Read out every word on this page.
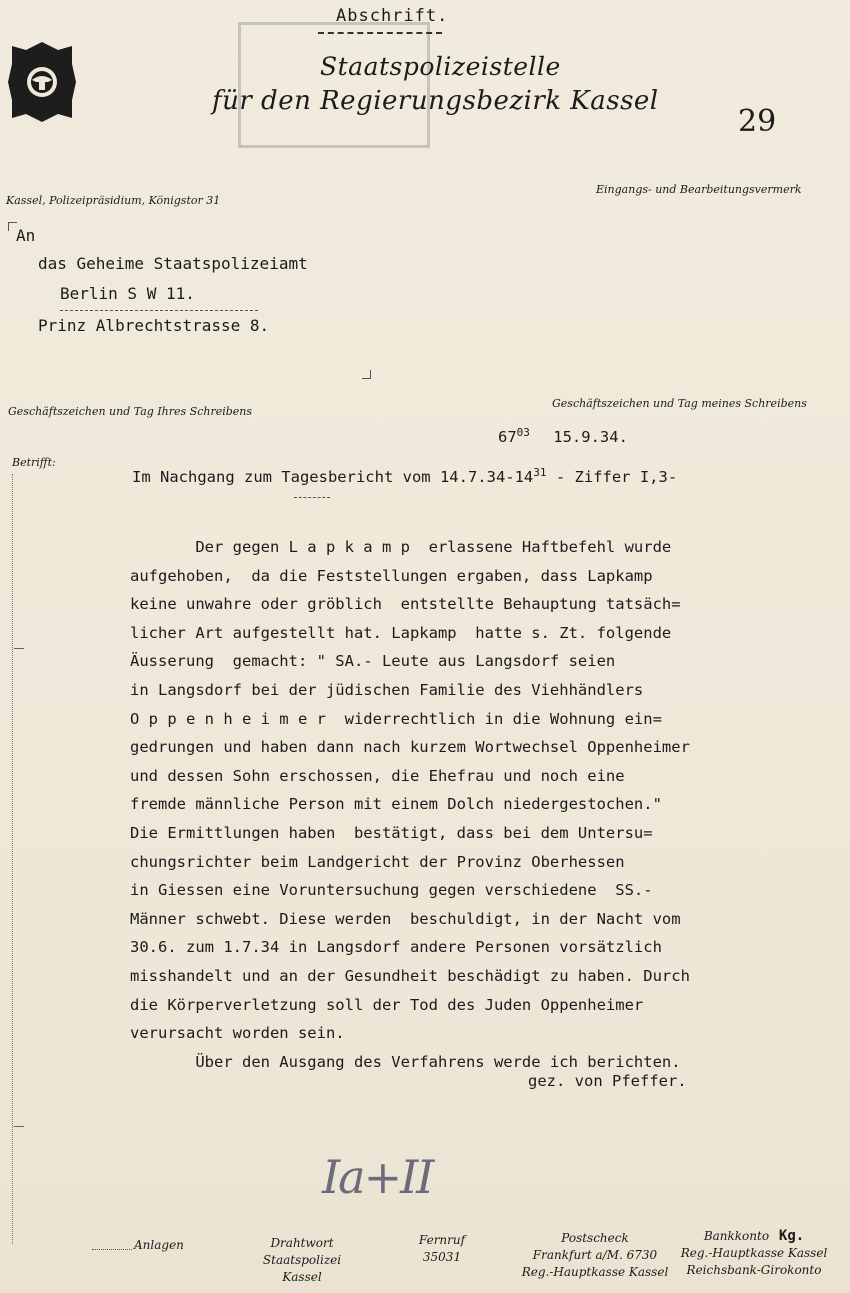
Abschrift.
Staatspolizeistelle
für den Regierungsbezirk Kassel
29
Kassel, Polizeipräsidium, Königstor 31
Eingangs- und Bearbeitungsvermerk
An
das Geheime Staatspolizeiamt
Berlin S W 11.
Prinz Albrechtstrasse 8.
Geschäftszeichen und Tag Ihres Schreibens
Geschäftszeichen und Tag meines Schreibens
$67^{03}$ 15.9.34.
Betrifft:
Im Nachgang zum Tagesbericht vom $14.7.34-14^{31}$ - Ziffer I,3-
Der gegen L a p k a m p  erlassene Haftbefehl wurde
aufgehoben,  da die Feststellungen ergaben, dass Lapkamp
keine unwahre oder gröblich  entstellte Behauptung tatsäch=
licher Art aufgestellt hat. Lapkamp  hatte s. Zt. folgende
Äusserung  gemacht: " SA.- Leute aus Langsdorf seien
in Langsdorf bei der jüdischen Familie des Viehhändlers
O p p e n h e i m e r  widerrechtlich in die Wohnung ein=
gedrungen und haben dann nach kurzem Wortwechsel Oppenheimer
und dessen Sohn erschossen, die Ehefrau und noch eine
fremde männliche Person mit einem Dolch niedergestochen."
Die Ermittlungen haben  bestätigt, dass bei dem Untersu=
chungsrichter beim Landgericht der Provinz Oberhessen
in Giessen eine Voruntersuchung gegen verschiedene  SS.-
Männer schwebt. Diese werden  beschuldigt, in der Nacht vom
30.6. zum 1.7.34 in Langsdorf andere Personen vorsätzlich
misshandelt und an der Gesundheit beschädigt zu haben. Durch
die Körperverletzung soll der Tod des Juden Oppenheimer
verursacht worden sein.
Über den Ausgang des Verfahrens werde ich berichten.
gez. von Pfeffer.
Ia+II
Anlagen	Drahtwort
Staatspolizei
Kassel
Fernruf
35031
Postscheck
Frankfurt a/M. 6730
Reg.-Hauptkasse Kassel
Bankkonto Kg.
Reg.-Hauptkasse Kassel
Reichsbank-Girokonto
